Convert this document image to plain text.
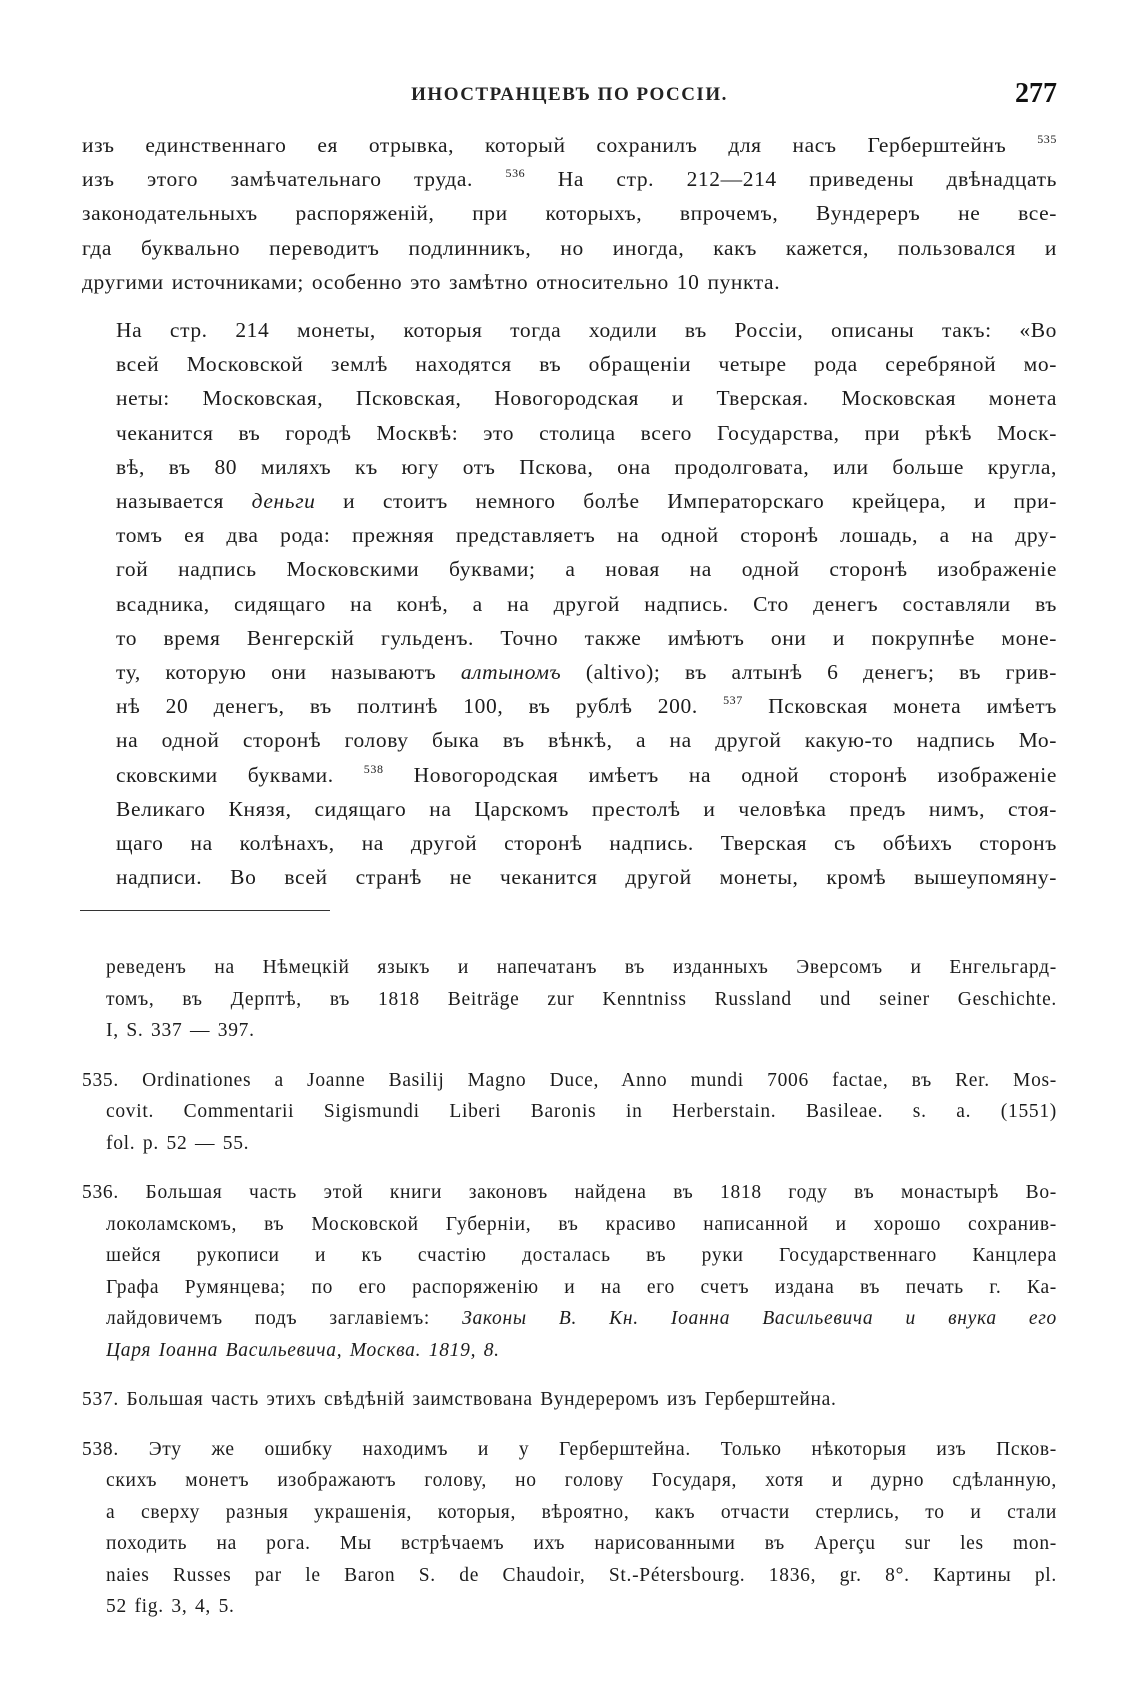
ИНОСТРАНЦЕВЪ ПО РОССІИ.	277

изъ единственнаго ея отрывка, который сохранилъ для насъ Герберштейнъ	$^{535}$
изъ этого замѣчательнаго труда.	$^{536}$ На стр. 212—214 приведены двѣнадцать
законодательныхъ распоряженій, при которыхъ, впрочемъ, Вундереръ не все-
гда буквально переводитъ подлинникъ, но иногда, какъ кажется, пользовался и
другими источниками; особенно это замѣтно относительно 10 пункта.

На стр. 214 монеты, которыя тогда ходили въ Россіи, описаны такъ: «Во
всей Московской землѣ находятся въ обращеніи четыре рода серебряной мо-
неты: Московская, Псковская, Новогородская и Тверская. Московская монета
чеканится въ городѣ Москвѣ: это столица всего Государства, при рѣкѣ Моск-
вѣ, въ 80 миляхъ къ югу отъ Пскова, она продолговата, или больше кругла,
называется деньги и стоитъ немного болѣе Императорскаго крейцера, и при-
томъ ея два рода: прежняя представляетъ на одной сторонѣ лошадь, а на дру-
гой надпись Московскими буквами; а новая на одной сторонѣ изображеніе
всадника, сидящаго на конѣ, а на другой надпись. Сто денегъ составляли въ
то время Венгерскій гульденъ. Точно также имѣютъ они и покрупнѣе моне-
ту, которую они называютъ алтыномъ (altivo); въ алтынѣ 6 денегъ; въ грив-
нѣ 20 денегъ, въ полтинѣ 100, въ рублѣ 200. $^{537}$ Псковская монета имѣетъ
на одной сторонѣ голову быка въ вѣнкѣ, а на другой какую-то надпись Мо-
сковскими буквами.	$^{538}$ Новогородская имѣетъ на одной сторонѣ изображеніе
Великаго Князя, сидящаго на Царскомъ престолѣ и человѣка предъ нимъ, стоя-
щаго на колѣнахъ, на другой сторонѣ надпись. Тверская съ обѣихъ сторонъ
надписи. Во всей странѣ не чеканится другой монеты, кромѣ вышеупомяну-

реведенъ на Нѣмецкій языкъ и напечатанъ въ изданныхъ Эверсомъ и Енгельгард-
томъ, въ Дерптѣ, въ 1818 Beiträge zur Kenntniss Russland und seiner Geschichte.
I, S. 337 — 397.
535. Ordinationes a Joanne Basilij Magno Duce, Anno mundi 7006 factae, въ Rer. Mos-
covit. Commentarii Sigismundi Liberi Baronis in Herberstain. Basileae. s. a. (1551)
fol. p. 52 — 55.
536. Большая часть этой книги законовъ найдена въ 1818 году въ монастырѣ Во-
локоламскомъ, въ Московской Губерніи, въ красиво написанной и хорошо сохранив-
шейся рукописи и къ счастію досталась въ руки Государственнаго Канцлера
Графа Румянцева; по его распоряженію и на его счетъ издана въ печать г. Ка-
лайдовичемъ подъ заглавіемъ: Законы В. Кн. Іоанна Васильевича и внука его
Царя Іоанна Васильевича, Москва. 1819, 8.
537. Большая часть этихъ свѣдѣній заимствована Вундереромъ изъ Герберштейна.
538. Эту же ошибку находимъ и у Герберштейна. Только нѣкоторыя изъ Псков-
скихъ монетъ изображаютъ голову, но голову Государя, хотя и дурно сдѣланную,
а сверху разныя украшенія, которыя, вѣроятно, какъ отчасти стерлись, то и стали
походить на рога. Мы встрѣчаемъ ихъ нарисованными въ Aperçu sur les mon-
naies Russes par le Baron S. de Chaudoir, St.-Pétersbourg. 1836, gr. 8°. Картины pl.
52 fig. 3, 4, 5.
